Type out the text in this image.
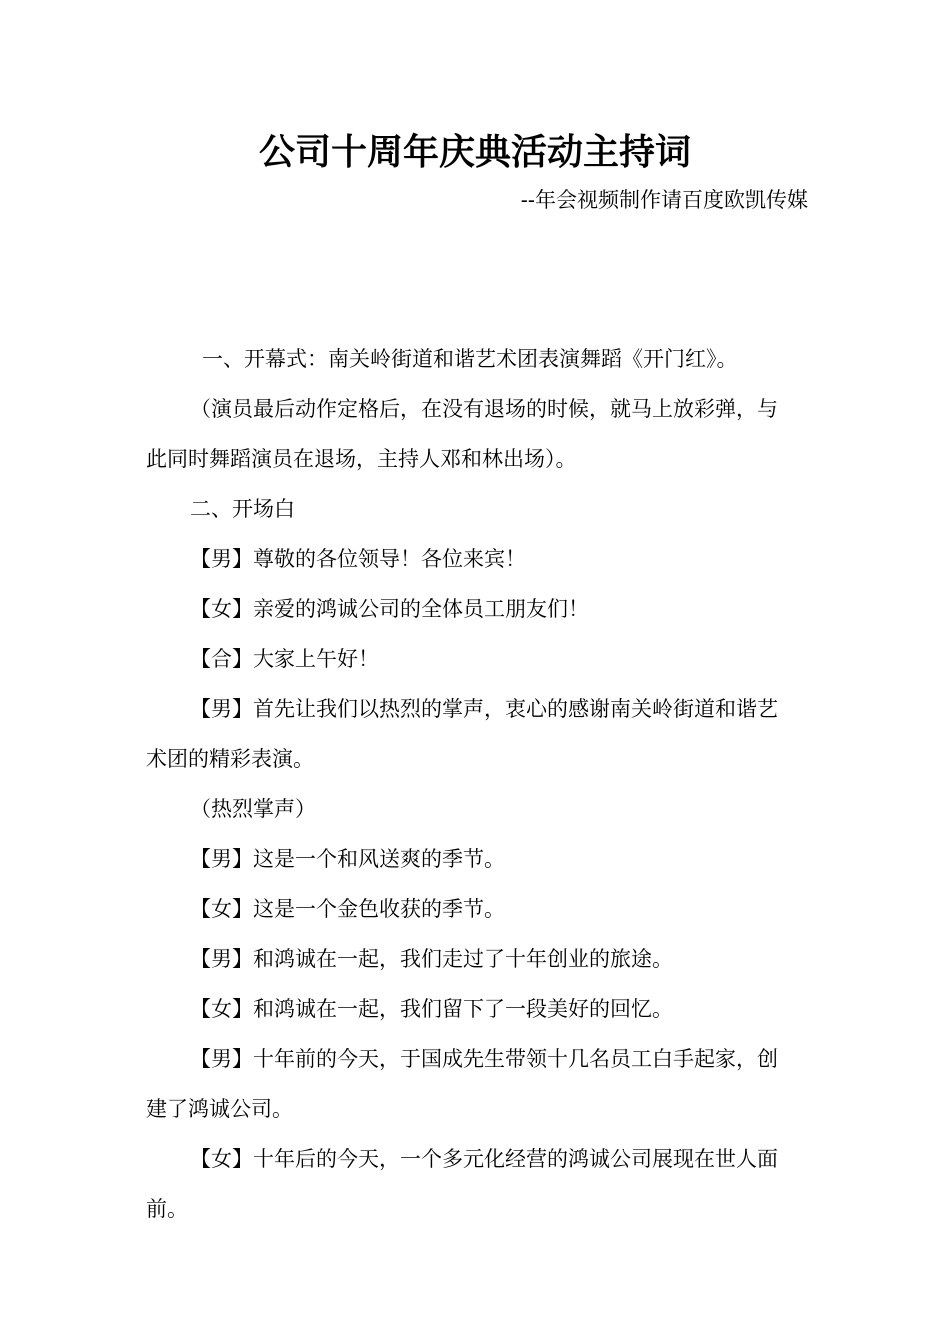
公司十周年庆典活动主持词
--年会视频制作请百度欧凯传媒

一、开幕式：南关岭街道和谐艺术团表演舞蹈《开门红》。

（演员最后动作定格后，在没有退场的时候，就马上放彩弹，与此同时舞蹈演员在退场，主持人邓和林出场）。

二、开场白

【男】尊敬的各位领导！各位来宾！

【女】亲爱的鸿诚公司的全体员工朋友们！

【合】大家上午好！

【男】首先让我们以热烈的掌声，衷心的感谢南关岭街道和谐艺术团的精彩表演。

（热烈掌声）

【男】这是一个和风送爽的季节。

【女】这是一个金色收获的季节。

【男】和鸿诚在一起，我们走过了十年创业的旅途。

【女】和鸿诚在一起，我们留下了一段美好的回忆。

【男】十年前的今天，于国成先生带领十几名员工白手起家，创建了鸿诚公司。

【女】十年后的今天，一个多元化经营的鸿诚公司展现在世人面前。
